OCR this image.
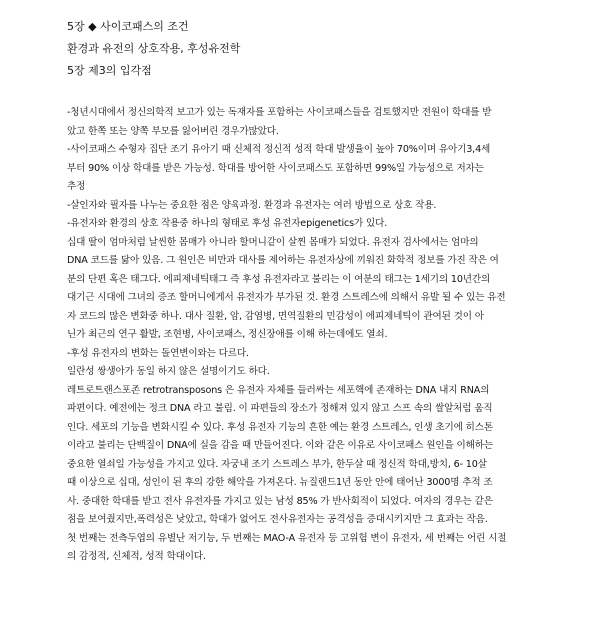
5장 ◆ 사이코패스의 조건
환경과 유전의 상호작용, 후성유전학
5장 제3의 입각점
-청년시대에서 정신의학적 보고가 있는 독재자를 포함하는 사이코패스들을 검토했지만 전원이 학대를 받
았고 한쪽 또는 양쪽 부모를 잃어버린 경우가많았다.
-사이코패스 수형자 집단 조기 유아기 때 신체적 정신적 성적 학대 발생율이 높아 70%이며 유아기3,4세
부터 90% 이상 학대를 받은 가능성. 학대를 방어한 사이코패스도 포함하면 99%일 가능성으로 저자는
추정
-살인자와 필자를 나누는 중요한 점은 양육과정. 환경과 유전자는 여러 방법으로 상호 작용.
-유전자와 환경의 상호 작용중 하나의 형태로 후성 유전자epigenetics가 있다.
십대 딸이 엄마처럼 날씬한 몸매가 아니라 할머니같이 살찐 몸매가 되었다. 유전자 검사에서는 엄마의
DNA 코드를 닮아 있음. 그 원인은 비만과 대사를 제어하는 유전자상에 끼워진 화학적 정보를 가진 작은 여
분의 단편 혹은 태그다. 에피제네틱태그 즉 후성 유전자라고 불리는 이 여분의 태그는 1세기의 10년간의
대기근 시대에 그녀의 증조 할머니에게서 유전자가 부가된 것. 환경 스트레스에 의해서 유발 될 수 있는 유전
자 코드의 많은 변화중 하나. 대사 질환, 암, 감염병, 면역질환의 민감성이 에피제네틱이 관여된 것이 아
닌가 최근의 연구 활발, 조현병, 사이코패스, 정신장애를 이해 하는데에도 열쇠.
-후성 유전자의 변화는 돌연변이와는 다르다.
일란성 쌍생아가 동일 하지 않은 설명이기도 하다.
레트로트랜스포존 retrotransposons 은 유전자 자체를 들러싸는 세포핵에 존재하는 DNA 내지 RNA의
파편이다. 예전에는 정크 DNA 라고 불림. 이 파편들의 장소가 정해져 있지 않고 스프 속의 쌀알처럼 움직
인다. 세포의 기능을 변화시킬 수 있다. 후성 유전자 기능의 흔한 예는 환경 스트레스, 인생 초기에 히스톤
이라고 불리는 단백질이 DNA에 실을 감을 때 만들어진다. 이와 같은 이유로 사이코패스 원인을 이해하는
중요한 열쇠일 가능성을 가지고 있다. 자궁내 조기 스트레스 부가, 한두살 때 정신적 학대,방치, 6- 10살
때 이상으로 십대, 성인이 된 후의 강한 해악을 가져온다. 뉴질랜드1년 동안 안에 태어난 3000명 추적 조
사. 중대한 학대를 받고 전사 유전자를 가지고 있는 남성 85% 가 반사회적이 되었다. 여자의 경우는 같은
점을 보여줬지만,폭력성은 낮았고, 학대가 없어도 전사유전자는 공격성을 증대시키지만 그 효과는 작음.
첫 번째는 전측두엽의 유별난 저기능, 두 번째는 MAO-A 유전자 등 고위험 변이 유전자, 세 번째는 어린 시절
의 감정적, 신체적, 성적 학대이다.
